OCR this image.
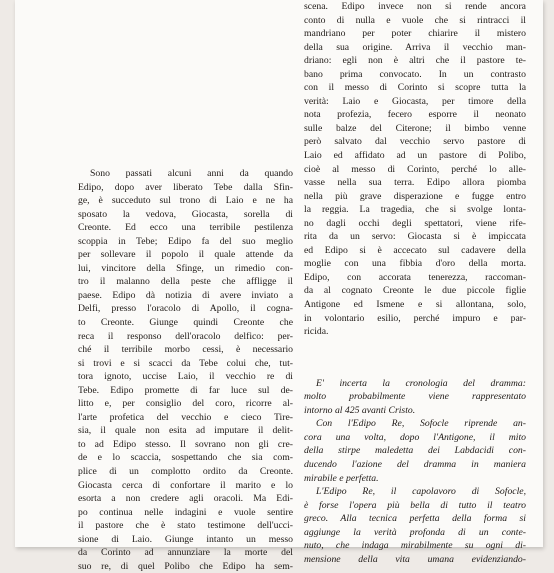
Sono passati alcuni anni da quando
Edipo, dopo aver liberato Tebe dalla Sfin-
ge, è succeduto sul trono di Laio e ne ha
sposato la vedova, Giocasta, sorella di
Creonte. Ed ecco una terribile pestilenza
scoppia in Tebe; Edipo fa del suo meglio
per sollevare il popolo il quale attende da
lui, vincitore della Sfinge, un rimedio con-
tro il malanno della peste che affligge il
paese. Edipo dà notizia di avere inviato a
Delfi, presso l'oracolo di Apollo, il cogna-
to Creonte. Giunge quindi Creonte che
reca il responso dell'oracolo delfico: per-
ché il terribile morbo cessi, è necessario
si trovi e si scacci da Tebe colui che, tut-
tora ignoto, uccise Laio, il vecchio re di
Tebe. Edipo promette di far luce sul de-
litto e, per consiglio del coro, ricorre al-
l'arte profetica del vecchio e cieco Tire-
sia, il quale non esita ad imputare il delit-
to ad Edipo stesso. Il sovrano non gli cre-
de e lo scaccia, sospettando che sia com-
plice di un complotto ordito da Creonte.
Giocasta cerca di confortare il marito e lo
esorta a non credere agli oracoli. Ma Edi-
po continua nelle indagini e vuole sentire
il pastore che è stato testimone dell'ucci-
sione di Laio. Giunge intanto un messo
da Corinto ad annunziare la morte del
suo re, di quel Polibo che Edipo ha sem-
scena. Edipo invece non si rende ancora
conto di nulla e vuole che si rintracci il
mandriano per poter chiarire il mistero
della sua origine. Arriva il vecchio man-
driano: egli non è altri che il pastore te-
bano prima convocato. In un contrasto
con il messo di Corinto si scopre tutta la
verità: Laio e Giocasta, per timore della
nota profezia, fecero esporre il neonato
sulle balze del Citerone; il bimbo venne
però salvato dal vecchio servo pastore di
Laio ed affidato ad un pastore di Polibo,
cioè al messo di Corinto, perché lo alle-
vasse nella sua terra. Edipo allora piomba
nella più grave disperazione e fugge entro
la reggia. La tragedia, che si svolge lonta-
no dagli occhi degli spettatori, viene rife-
rita da un servo: Giocasta si è impiccata
ed Edipo si è accecato sul cadavere della
moglie con una fibbia d'oro della morta.
Edipo, con accorata tenerezza, raccoman-
da al cognato Creonte le due piccole figlie
Antigone ed Ismene e si allontana, solo,
in volontario esilio, perché impuro e par-
ricida.
E' incerta la cronologia del dramma:
molto probabilmente viene rappresentato
intorno al 425 avanti Cristo.
Con l'Edipo Re, Sofocle riprende an-
cora una volta, dopo l'Antigone, il mito
della stirpe maledetta dei Labdacidi con-
ducendo l'azione del dramma in maniera
mirabile e perfetta.
L'Edipo Re, il capolavoro di Sofocle,
è forse l'opera più bella di tutto il teatro
greco. Alla tecnica perfetta della forma si
aggiunge la verità profonda di un conte-
nuto, che indaga mirabilmente su ogni di-
mensione della vita umana evidenziando-
